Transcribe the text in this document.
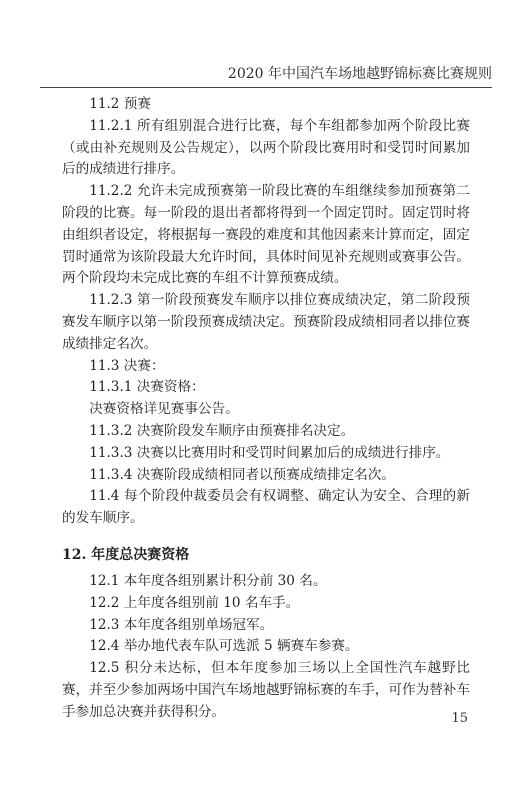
2020 年中国汽车场地越野锦标赛比赛规则

11.2 预赛

11.2.1 所有组别混合进行比赛，每个车组都参加两个阶段比赛（或由补充规则及公告规定），以两个阶段比赛用时和受罚时间累加后的成绩进行排序。

11.2.2 允许未完成预赛第一阶段比赛的车组继续参加预赛第二阶段的比赛。每一阶段的退出者都将得到一个固定罚时。固定罚时将由组织者设定，将根据每一赛段的难度和其他因素来计算而定，固定罚时通常为该阶段最大允许时间，具体时间见补充规则或赛事公告。两个阶段均未完成比赛的车组不计算预赛成绩。

11.2.3 第一阶段预赛发车顺序以排位赛成绩决定，第二阶段预赛发车顺序以第一阶段预赛成绩决定。预赛阶段成绩相同者以排位赛成绩排定名次。

11.3 决赛：

11.3.1 决赛资格：

决赛资格详见赛事公告。

11.3.2 决赛阶段发车顺序由预赛排名决定。

11.3.3 决赛以比赛用时和受罚时间累加后的成绩进行排序。

11.3.4 决赛阶段成绩相同者以预赛成绩排定名次。

11.4 每个阶段仲裁委员会有权调整、确定认为安全、合理的新的发车顺序。

12. 年度总决赛资格

12.1 本年度各组别累计积分前 30 名。

12.2 上年度各组别前 10 名车手。

12.3 本年度各组别单场冠军。

12.4 举办地代表车队可选派 5 辆赛车参赛。

12.5 积分未达标，但本年度参加三场以上全国性汽车越野比赛，并至少参加两场中国汽车场地越野锦标赛的车手，可作为替补车手参加总决赛并获得积分。	15
